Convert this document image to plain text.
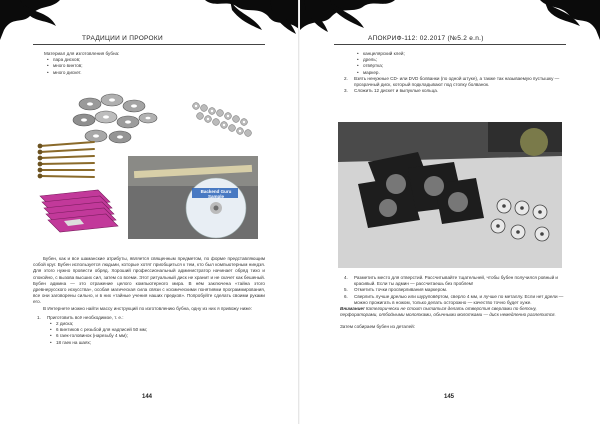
ТРАДИЦИИ И ПРОРОКИ

Материал для изготовления бубна:

• пара дисков;
• много винтов;
• много дискет.
Backend Guru Sample

Бубен, как и все шаманские атрибуты, является священным предметом, по форме представляющим собой круг. Бубен используется людьми, которые хотят приобщиться к тем, кто был компьютерным ниндзя. Для этого нужно провести обряд. Хороший профессиональный администратор начинает обряд тихо и спокойно, с вызова высших сил, затем со всеми. Этот ритуальный диск не хранит и не скачет как бешеный. Бубен админа — это отражение целого компьютерного мира. В нём заключена «тайна этого древнерусского искусства», особая магическая сила связи с космическими понятиями программирования, все они заговорены сильно, и в них «тайные учения наших предков». Попробуйте сделать своими руками его.

В Интернете можно найти массу инструкций по изготовлению бубна, одну из них я привожу ниже:

1. Приготовить всё необходимое, т. е.:
• 2 диска;
• 6 винтиков с резьбой для надписей 50 мм;
• 6 гаек-головинок (нарезьбу 4 мм);
• 18 гаек на шаях;
144
АПОКРИФ-112: 02.2017 (№5.2 e.n.)
• канцелярский клей;
• дрель;
• отвёртка;
• маркер.
2. Взять ненужные CD- или DVD болванки (по одной штуке), а также так называемую пустышку — прозрачный диск, который подкладывают под стопку болванок.
3. Сложить 12 дискет и выпуклые кольца.
4. Разметить место для отверстий. Рассчитывайте тщательней, чтобы бубен получился ровный и красивый. Если ты админ — рассчитаешь без проблем!
5. Отметить точки просверливания маркером.
6. Сверлить лучше дрелью или шуруповёртом, сверло 4 мм, и лучше по металлу. Если нет дрели — можно прожигать в ножом, только делать осторожно — качество точно будет хуже.

Внимание! Категорически не стоит пытаться делать отверстия сверлами по бетону, перфораторами, отбойными молотками, обычными молотками — диск немедленно разлетится.

Затем собираем бубен из деталей:

145
